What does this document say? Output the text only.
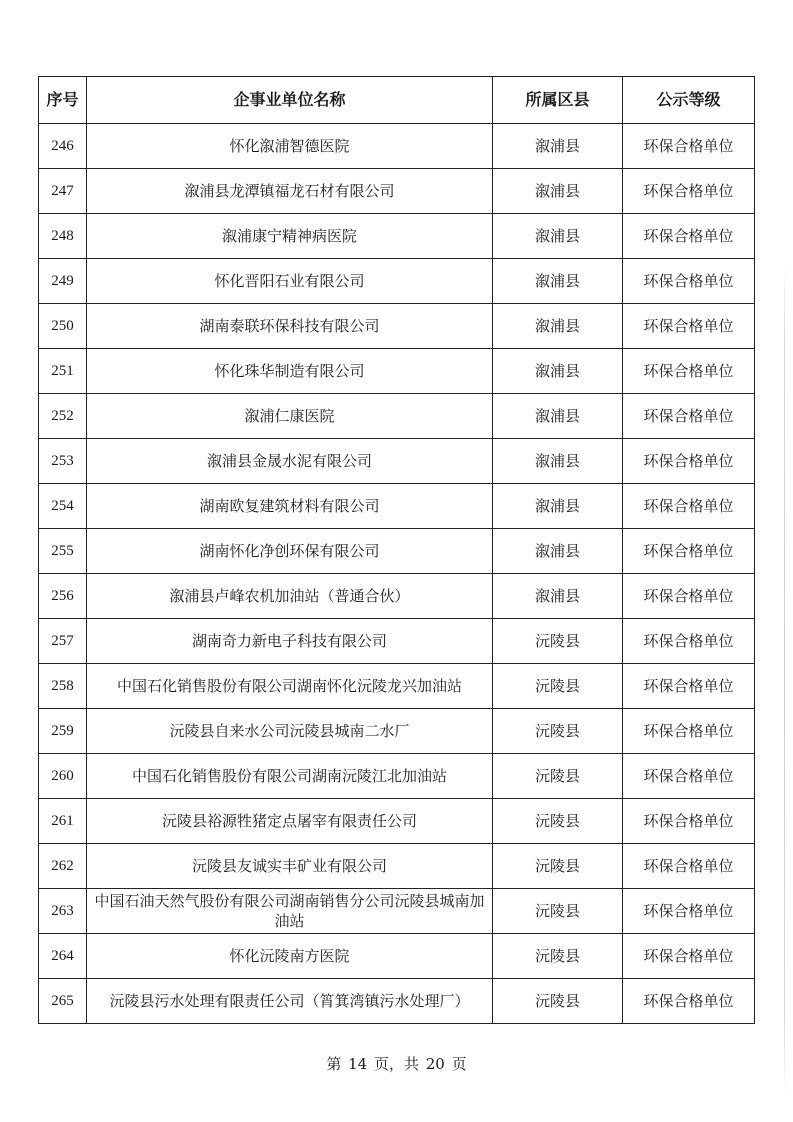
序号	企事业单位名称	所属区县	公示等级
246	怀化溆浦智德医院	溆浦县	环保合格单位
247	溆浦县龙潭镇福龙石材有限公司	溆浦县	环保合格单位
248	溆浦康宁精神病医院	溆浦县	环保合格单位
249	怀化晋阳石业有限公司	溆浦县	环保合格单位
250	湖南泰联环保科技有限公司	溆浦县	环保合格单位
251	怀化珠华制造有限公司	溆浦县	环保合格单位
252	溆浦仁康医院	溆浦县	环保合格单位
253	溆浦县金晟水泥有限公司	溆浦县	环保合格单位
254	湖南欧复建筑材料有限公司	溆浦县	环保合格单位
255	湖南怀化净创环保有限公司	溆浦县	环保合格单位
256	溆浦县卢峰农机加油站（普通合伙）	溆浦县	环保合格单位
257	湖南奇力新电子科技有限公司	沅陵县	环保合格单位
258	中国石化销售股份有限公司湖南怀化沅陵龙兴加油站	沅陵县	环保合格单位
259	沅陵县自来水公司沅陵县城南二水厂	沅陵县	环保合格单位
260	中国石化销售股份有限公司湖南沅陵江北加油站	沅陵县	环保合格单位
261	沅陵县裕源牲猪定点屠宰有限责任公司	沅陵县	环保合格单位
262	沅陵县友诚实丰矿业有限公司	沅陵县	环保合格单位
263	中国石油天然气股份有限公司湖南销售分公司沅陵县城南加油站	沅陵县	环保合格单位
264	怀化沅陵南方医院	沅陵县	环保合格单位
265	沅陵县污水处理有限责任公司（筲箕湾镇污水处理厂）	沅陵县	环保合格单位
第 14 页，共 20 页
